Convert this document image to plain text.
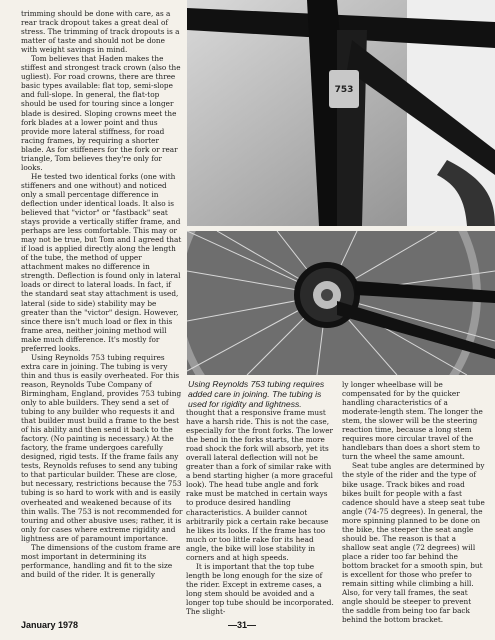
trimming should be done with care, as a rear track dropout takes a great deal of stress. The trimming of track dropouts is a matter of taste and should not be done with weight savings in mind.

Tom believes that Haden makes the stiffest and strongest track crown (also the ugliest). For road crowns, there are three basic types available: flat top, semi-slope and full-slope. In general, the flat-top should be used for touring since a longer blade is desired. Sloping crowns meet the fork blades at a lower point and thus provide more lateral stiffness, for road racing frames, by requiring a shorter blade. As for stiffeners for the fork or rear triangle, Tom believes they're only for looks.

He tested two identical forks (one with stiffeners and one without) and noticed only a small percentage difference in deflection under identical loads. It also is believed that "victor" or "fastback" seat stays provide a vertically stiffer frame, and perhaps are less comfortable. This may or may not be true, but Tom and I agreed that if load is applied directly along the length of the tube, the method of upper attachment makes no difference in strength. Deflection is found only in lateral loads or direct to lateral loads. In fact, if the standard seat stay attachment is used, lateral (side to side) stability may be greater than the "victor" design. However, since there isn't much load or flex in this frame area, neither joining method will make much difference. It's mostly for preferred looks.

Using Reynolds 753 tubing requires extra care in joining. The tubing is very thin and thus is easily overheated. For this reason, Reynolds Tube Company of Birmingham, England, provides 753 tubing only to able builders. They send a set of tubing to any builder who requests it and that builder must build a frame to the best of his ability and then send it back to the factory. (No painting is necessary.) At the factory, the frame undergoes carefully designed, rigid tests. If the frame fails any tests, Reynolds refuses to send any tubing to that particular builder. These are close, but necessary, restrictions because the 753 tubing is so hard to work with and is easily overheated and weakened because of its thin walls. The 753 is not recommended for touring and other abusive uses; rather, it is only for cases where extreme rigidity and lightness are of paramount importance.

The dimensions of the custom frame are most important in determining its performance, handling and fit to the size and build of the rider. It is generally

753
Using Reynolds 753 tubing requires added care in joining. The tubing is used for rigidity and lightness.

thought that a responsive frame must have a harsh ride. This is not the case, especially for the front forks. The lower the bend in the forks starts, the more road shock the fork will absorb, yet its overall lateral deflection will not be greater than a fork of similar rake with a bend starting higher (a more graceful look). The head tube angle and fork rake must be matched in certain ways to produce desired handling characteristics. A builder cannot arbitrarily pick a certain rake because he likes its looks. If the frame has too much or too little rake for its head angle, the bike will lose stability in corners and at high speeds.

It is important that the top tube length be long enough for the size of the rider. Except in extreme cases, a long stem should be avoided and a longer top tube should be incorporated. The slight-

ly longer wheelbase will be compensated for by the quicker handling characteristics of a moderate-length stem. The longer the stem, the slower will be the steering reaction time, because a long stem requires more circular travel of the handlebars than does a short stem to turn the wheel the same amount.

Seat tube angles are determined by the style of the rider and the type of bike usage. Track bikes and road bikes built for people with a fast cadence should have a steep seat tube angle (74-75 degrees). In general, the more spinning planned to be done on the bike, the steeper the seat angle should be. The reason is that a shallow seat angle (72 degrees) will place a rider too far behind the bottom bracket for a smooth spin, but is excellent for those who prefer to remain sitting while climbing a hill. Also, for very tall frames, the seat angle should be steeper to prevent the saddle from being too far back behind the bottom bracket.

January 1978	—31—
